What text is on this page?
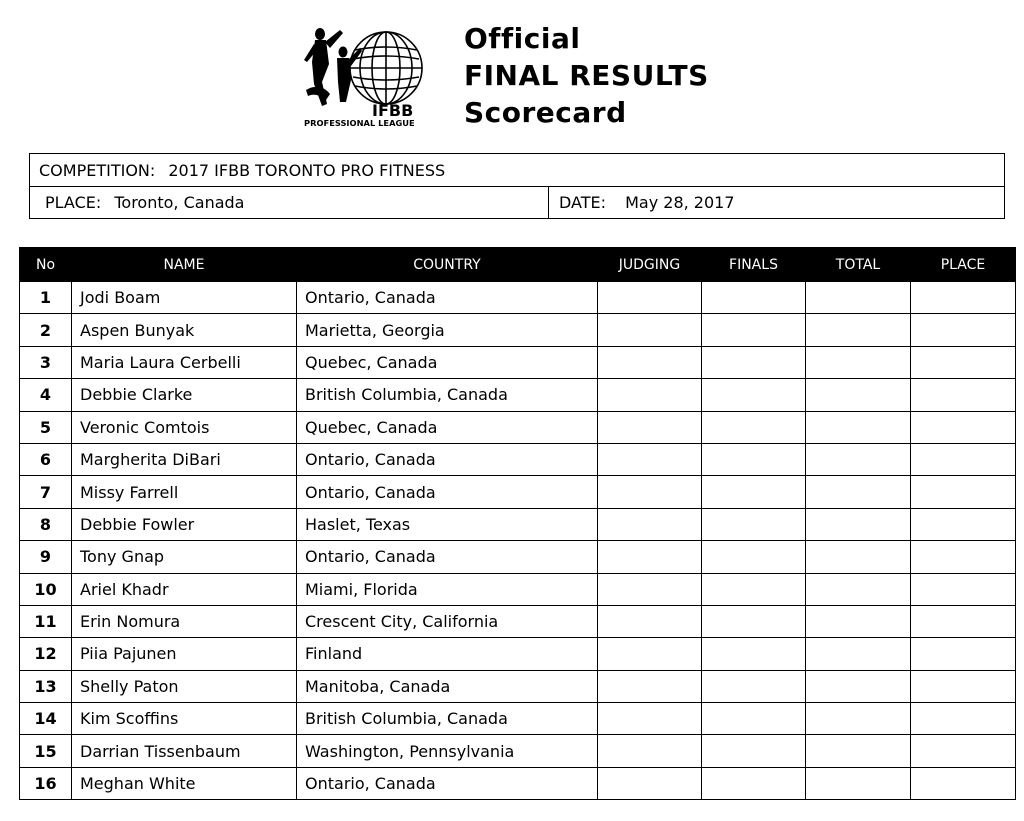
IFBB
PROFESSIONAL LEAGUE
Official
FINAL RESULTS
Scorecard
COMPETITION: 2017 IFBB TORONTO PRO FITNESS
PLACE: Toronto, Canada	DATE: May 28, 2017
No	NAME	COUNTRY	JUDGING	FINALS	TOTAL	PLACE
1	Jodi Boam	Ontario, Canada				
2	Aspen Bunyak	Marietta, Georgia				
3	Maria Laura Cerbelli	Quebec, Canada				
4	Debbie Clarke	British Columbia, Canada				
5	Veronic Comtois	Quebec, Canada				
6	Margherita DiBari	Ontario, Canada				
7	Missy Farrell	Ontario, Canada				
8	Debbie Fowler	Haslet, Texas				
9	Tony Gnap	Ontario, Canada				
10	Ariel Khadr	Miami, Florida				
11	Erin Nomura	Crescent City, California				
12	Piia Pajunen	Finland				
13	Shelly Paton	Manitoba, Canada				
14	Kim Scoffins	British Columbia, Canada				
15	Darrian Tissenbaum	Washington, Pennsylvania				
16	Meghan White	Ontario, Canada				
